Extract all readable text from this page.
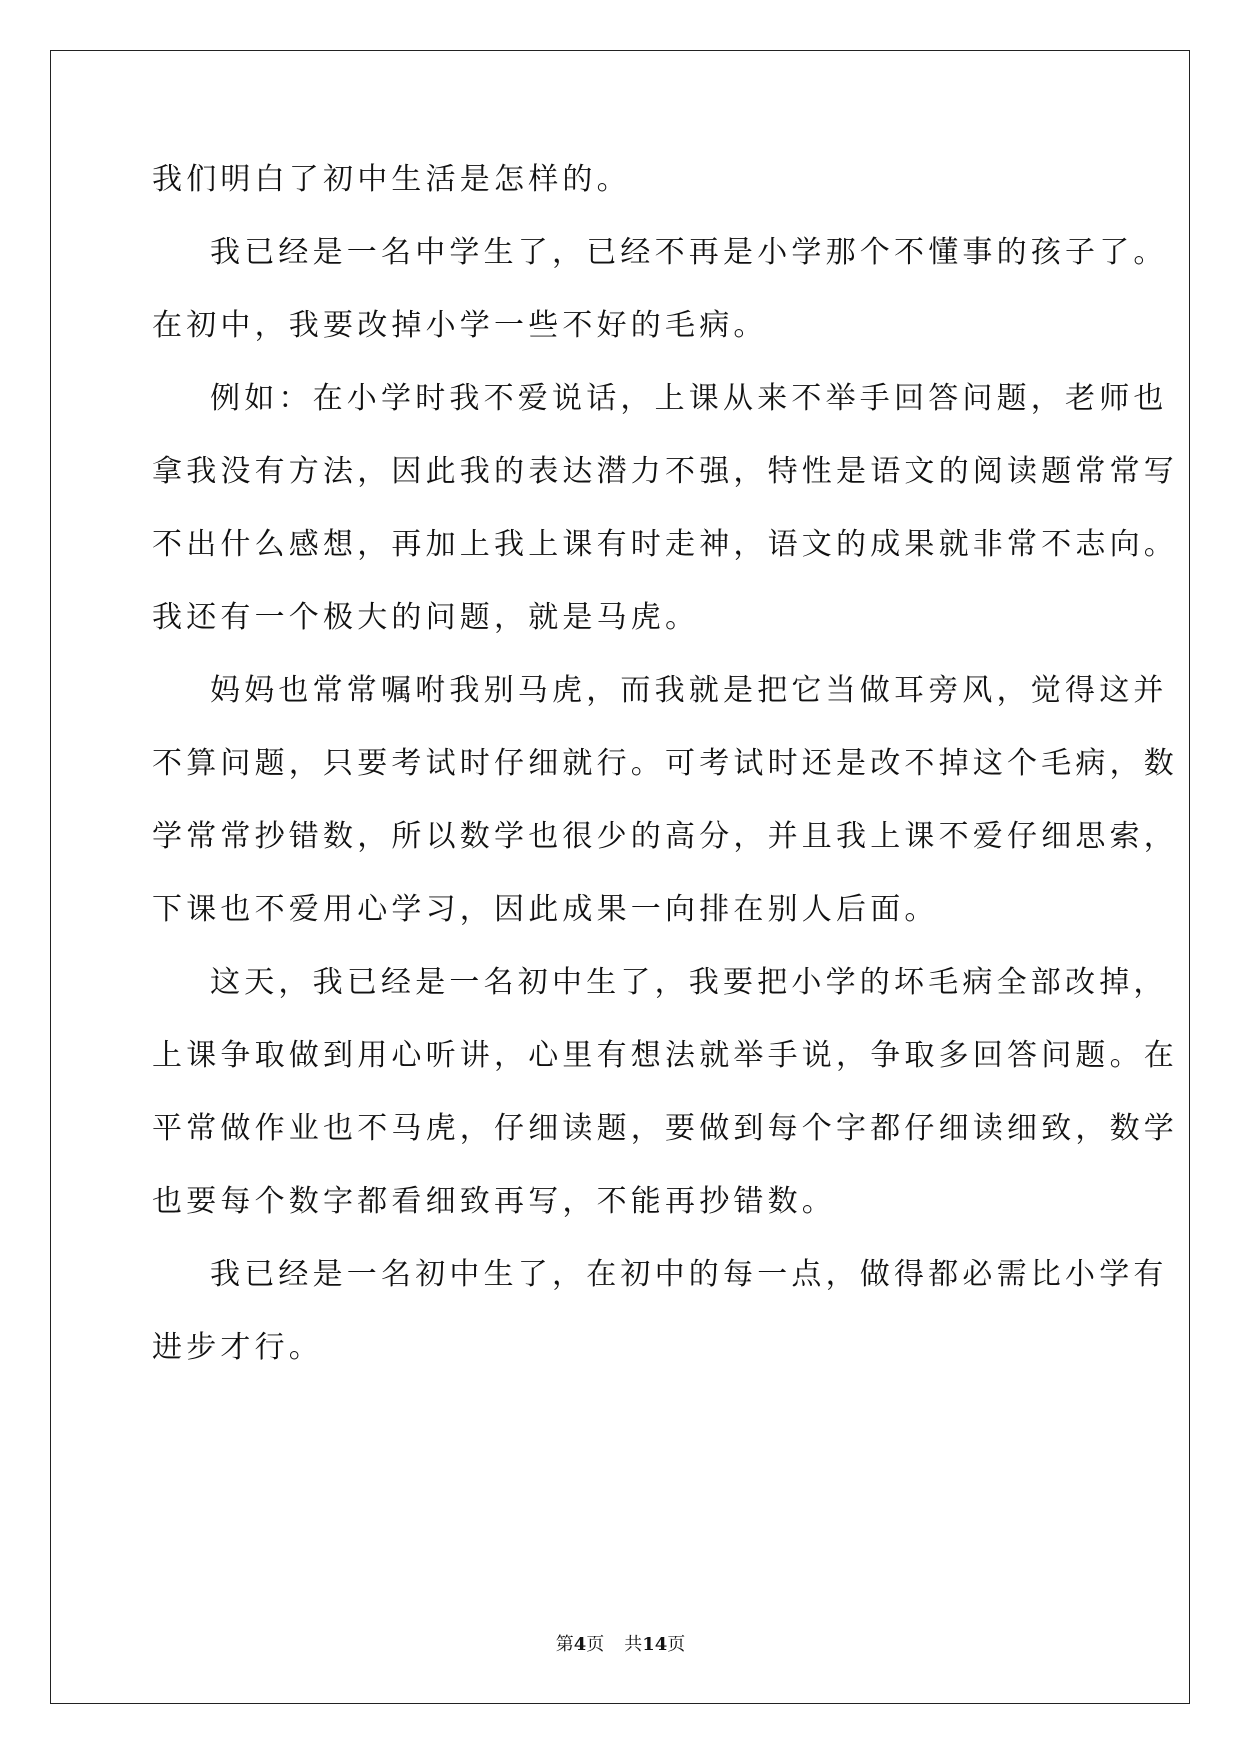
我们明白了初中生活是怎样的。
我已经是一名中学生了，已经不再是小学那个不懂事的孩子了。
在初中，我要改掉小学一些不好的毛病。
例如：在小学时我不爱说话，上课从来不举手回答问题，老师也
拿我没有方法，因此我的表达潜力不强，特性是语文的阅读题常常写
不出什么感想，再加上我上课有时走神，语文的成果就非常不志向。
我还有一个极大的问题，就是马虎。
妈妈也常常嘱咐我别马虎，而我就是把它当做耳旁风，觉得这并
不算问题，只要考试时仔细就行。可考试时还是改不掉这个毛病，数
学常常抄错数，所以数学也很少的高分，并且我上课不爱仔细思索，
下课也不爱用心学习，因此成果一向排在别人后面。
这天，我已经是一名初中生了，我要把小学的坏毛病全部改掉，
上课争取做到用心听讲，心里有想法就举手说，争取多回答问题。在
平常做作业也不马虎，仔细读题，要做到每个字都仔细读细致，数学
也要每个数字都看细致再写，不能再抄错数。
我已经是一名初中生了，在初中的每一点，做得都必需比小学有
进步才行。
第4页 共14页
